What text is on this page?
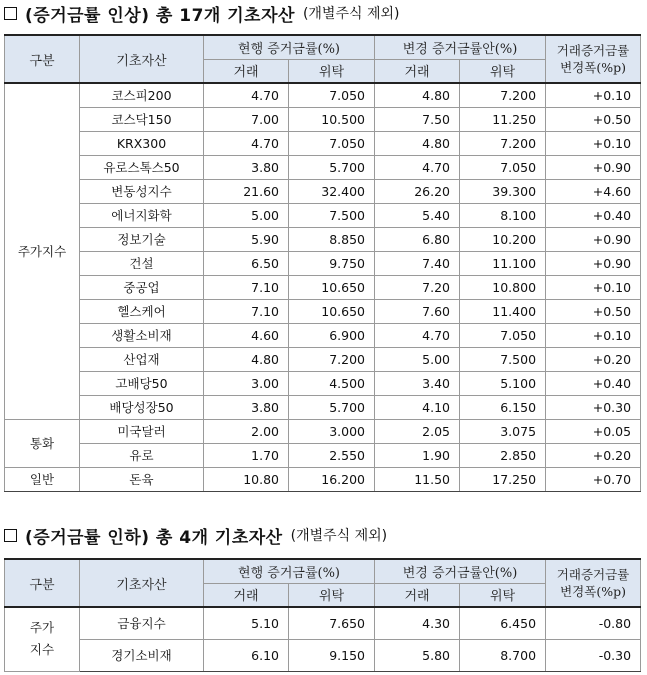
(증거금률 인상) 총 17개 기초자산 (개별주식 제외)
구분	기초자산	현행 증거금률(%)		변경 증거금률안(%)		거래증거금률
변경폭(%p)

		거래	위탁	거래	위탁	
주가지수	코스피200	4.70	7.050	4.80	7.200	+0.10
	코스닥150	7.00	10.500	7.50	11.250	+0.50
	KRX300	4.70	7.050	4.80	7.200	+0.10
	유로스톡스50	3.80	5.700	4.70	7.050	+0.90
	변동성지수	21.60	32.400	26.20	39.300	+4.60
	에너지화학	5.00	7.500	5.40	8.100	+0.40
	정보기술	5.90	8.850	6.80	10.200	+0.90
	건설	6.50	9.750	7.40	11.100	+0.90
	중공업	7.10	10.650	7.20	10.800	+0.10
	헬스케어	7.10	10.650	7.60	11.400	+0.50
	생활소비재	4.60	6.900	4.70	7.050	+0.10
	산업재	4.80	7.200	5.00	7.500	+0.20
	고배당50	3.00	4.500	3.40	5.100	+0.40
	배당성장50	3.80	5.700	4.10	6.150	+0.30
통화	미국달러	2.00	3.000	2.05	3.075	+0.05
	유로	1.70	2.550	1.90	2.850	+0.20
일반	돈육	10.80	16.200	11.50	17.250	+0.70
(증거금률 인하) 총 4개 기초자산 (개별주식 제외)
구분	기초자산	현행 증거금률(%)		변경 증거금률안(%)		거래증거금률
변경폭(%p)

		거래	위탁	거래	위탁	

주가
지수	금융지수	5.10	7.650	4.30	6.450	-0.80
	경기소비재	6.10	9.150	5.80	8.700	-0.30
